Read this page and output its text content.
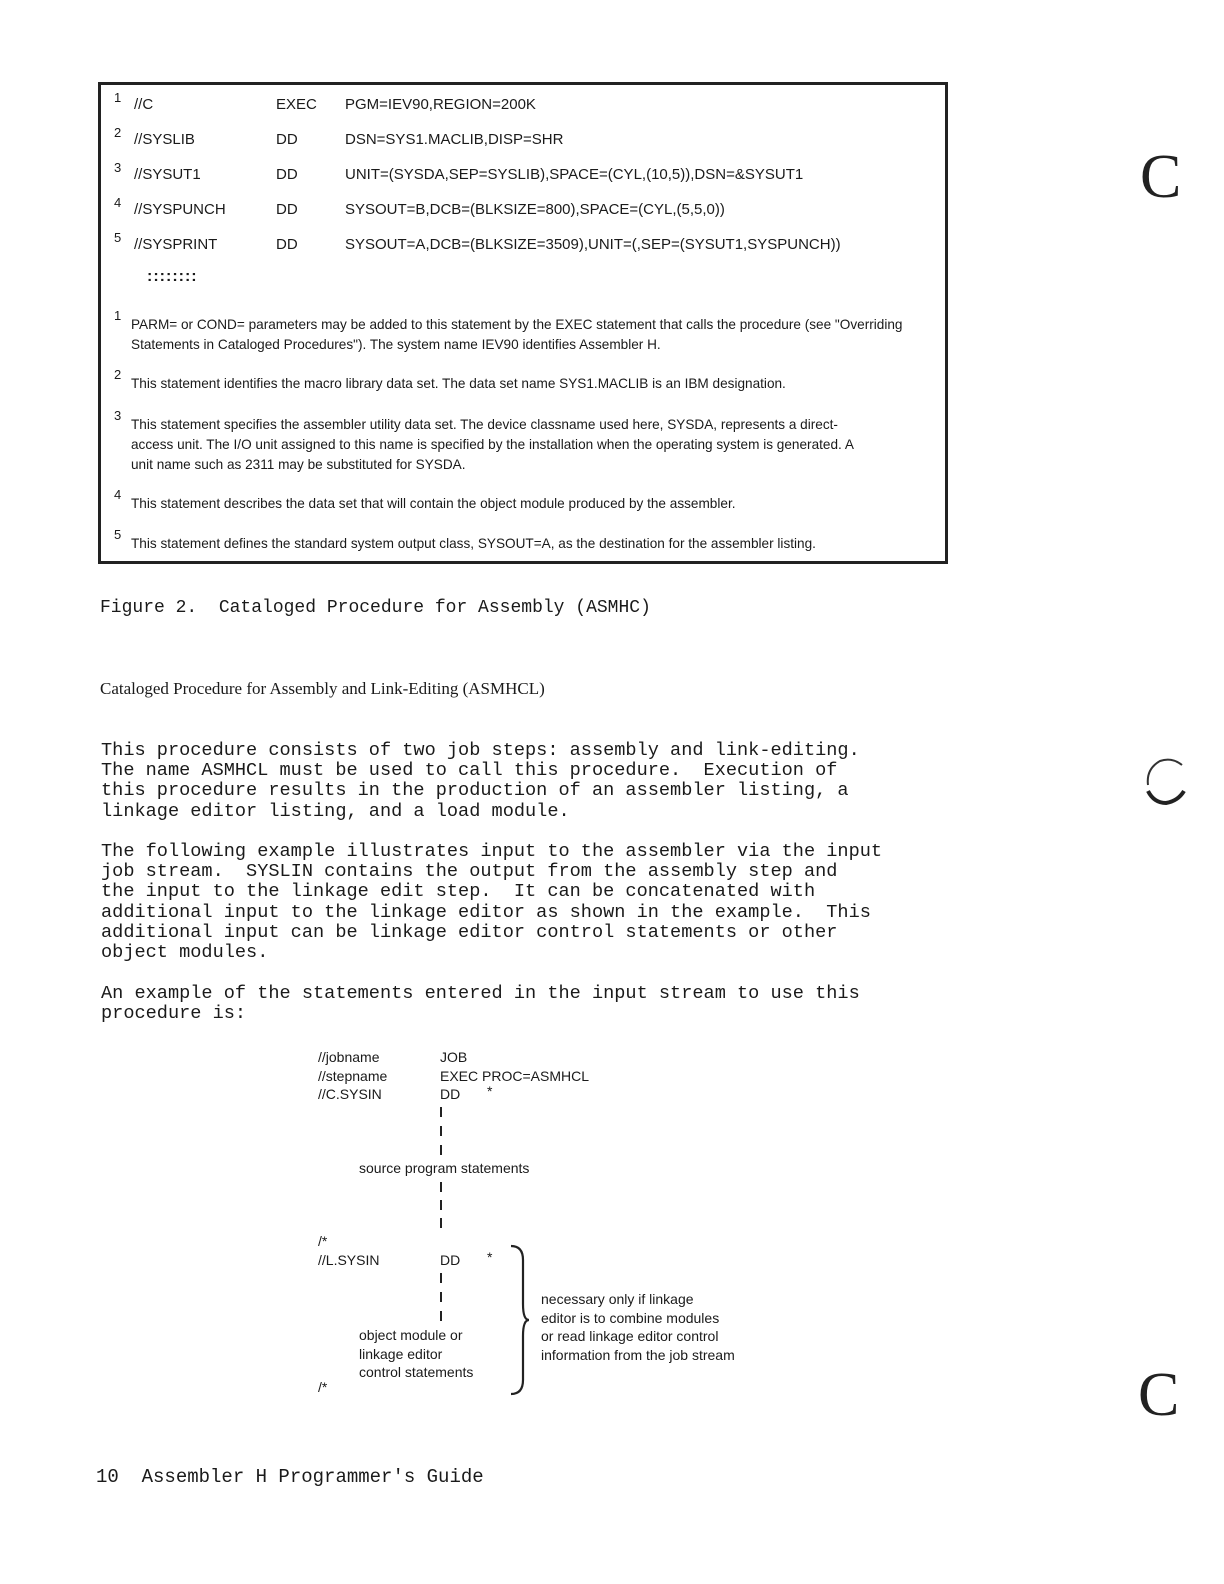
1 //C	EXEC PGM=IEV90,REGION=200K
2 //SYSLIB	DD	DSN=SYS1.MACLIB,DISP=SHR
3 //SYSUT1	DD	UNIT=(SYSDA,SEP=SYSLIB),SPACE=(CYL,(10,5)),DSN=&SYSUT1
4 //SYSPUNCH	DD	SYSOUT=B,DCB=(BLKSIZE=800),SPACE=(CYL,(5,5,0))
5 //SYSPRINT	DD	SYSOUT=A,DCB=(BLKSIZE=3509),UNIT=(,SEP=(SYSUT1,SYSPUNCH))
::::::::
1
PARM= or COND= parameters may be added to this statement by the EXEC statement that calls the procedure (see "Overriding Statements in Cataloged Procedures"). The system name IEV90 identifies Assembler H.
2
This statement identifies the macro library data set. The data set name SYS1.MACLIB is an IBM designation.
3
This statement specifies the assembler utility data set. The device classname used here, SYSDA, represents a direct-access unit. The I/O unit assigned to this name is specified by the installation when the operating system is generated. A unit name such as 2311 may be substituted for SYSDA.
4
This statement describes the data set that will contain the object module produced by the assembler.
5
This statement defines the standard system output class, SYSOUT=A, as the destination for the assembler listing.
Figure 2.  Cataloged Procedure for Assembly (ASMHC)
Cataloged Procedure for Assembly and Link-Editing (ASMHCL)
This procedure consists of two job steps: assembly and link-editing.
The name ASMHCL must be used to call this procedure.  Execution of
this procedure results in the production of an assembler listing, a
linkage editor listing, and a load module.
The following example illustrates input to the assembler via the input
job stream.  SYSLIN contains the output from the assembly step and
the input to the linkage edit step.  It can be concatenated with
additional input to the linkage editor as shown in the example.  This
additional input can be linkage editor control statements or other
object modules.
An example of the statements entered in the input stream to use this
procedure is:
//jobname	JOB
//stepname	EXEC PROC=ASMHCL
//C.SYSIN	DD *
source program statements
/*
//L.SYSIN	DD *
object module or
linkage editor
control statements
/*
necessary only if linkage
editor is to combine modules
or read linkage editor control
information from the job stream
10  Assembler H Programmer's Guide
C
C
